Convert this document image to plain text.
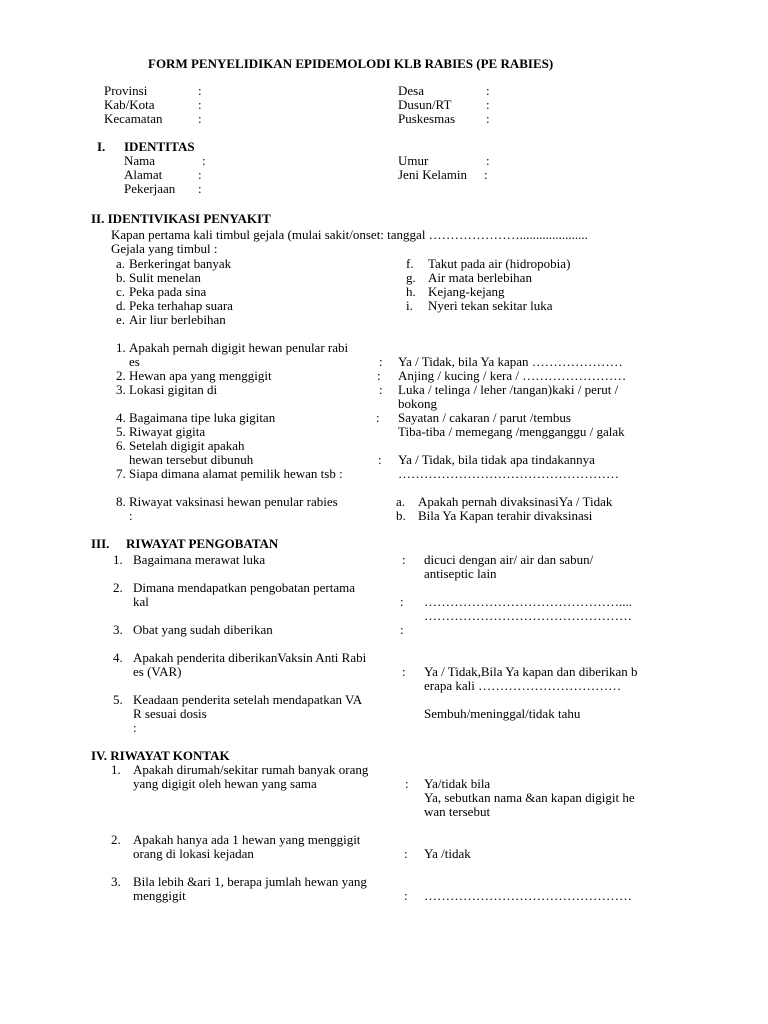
FORM PENYELIDIKAN EPIDEMOLODI KLB RABIES (PE RABIES)
Provinsi	:
Kab/Kota	:
Kecamatan	:
Desa	:
Dusun/RT	:
Puskesmas :
I. IDENTITAS
Nama	:
Alamat	:
Pekerjaan :
Umur	:
Jeni Kelamin :
II. IDENTIVIKASI PENYAKIT
Kapan pertama kali timbul gejala (mulai sakit/onset: tanggal ………………….....................
Gejala yang timbul :
a. Berkeringat banyak
b. Sulit menelan
c. Peka pada sina
d. Peka terhahap suara
e. Air liur berlebihan
f. Takut pada air (hidropobia)
g. Air mata berlebihan
h. Kejang-kejang
i. Nyeri tekan sekitar luka
1. Apakah pernah digigit hewan penular rabi
es	: Ya / Tidak, bila Ya kapan …………………
2. Hewan apa yang menggigit	: Anjing / kucing / kera / ……………………
3. Lokasi gigitan di	: Luka / telinga / leher /tangan)kaki / perut /
bokong
4. Bagaimana tipe luka gigitan	: Sayatan / cakaran / parut /tembus
5. Riwayat gigita	Tiba-tiba / memegang /mengganggu / galak
6. Setelah digigit apakah
hewan tersebut dibunuh	: Ya / Tidak, bila tidak apa tindakannya
7. Siapa dimana alamat pemilik hewan tsb :	……………………………………………
8. Riwayat vaksinasi hewan penular rabies
:
a. Apakah pernah divaksinasiYa / Tidak
b. Bila Ya Kapan terahir divaksinasi
III. RIWAYAT PENGOBATAN
1. Bagaimana merawat luka	: dicuci dengan air/ air dan sabun/
antiseptic lain
2. Dimana mendapatkan pengobatan pertama
kal	: ………………………………………....
…………………………………………
3. Obat yang sudah diberikan	:
4. Apakah penderita diberikanVaksin Anti Rabi
es (VAR)	: Ya / Tidak,Bila Ya kapan dan diberikan b
erapa kali ……………………………
5. Keadaan penderita setelah mendapatkan VA
R sesuai dosis
:
Sembuh/meninggal/tidak tahu
IV. RIWAYAT KONTAK
1. Apakah dirumah/sekitar rumah banyak orang
yang digigit oleh hewan yang sama	: Ya/tidak bila
Ya, sebutkan nama &an kapan digigit he
wan tersebut
2. Apakah hanya ada 1 hewan yang menggigit
orang di lokasi kejadan	: Ya /tidak
3. Bila lebih &ari 1, berapa jumlah hewan yang
menggigit	: …………………………………………
